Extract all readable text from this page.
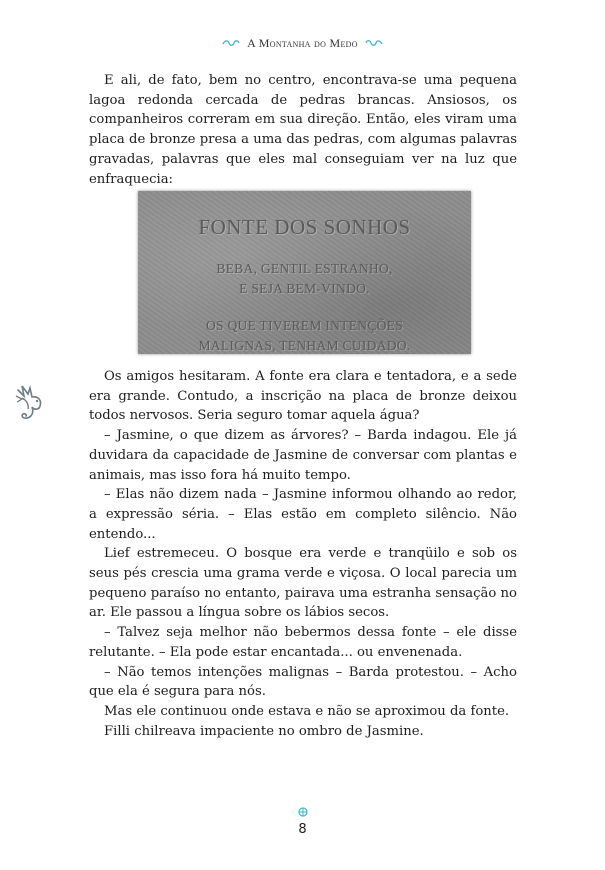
A Montanha do Medo

E ali, de fato, bem no centro, encontrava-se uma pequena lagoa redonda cercada de pedras brancas. Ansiosos, os companheiros correram em sua direção. Então, eles viram uma placa de bronze presa a uma das pedras, com algumas palavras gravadas, palavras que eles mal conseguiam ver na luz que enfraquecia:

FONTE DOS SONHOS
BEBA, GENTIL ESTRANHO,
E SEJA BEM-VINDO.
OS QUE TIVEREM INTENÇÕES
MALIGNAS, TENHAM CUIDADO.

Os amigos hesitaram. A fonte era clara e tentadora, e a sede era grande. Contudo, a inscrição na placa de bronze deixou todos nervosos. Seria seguro tomar aquela água?

– Jasmine, o que dizem as árvores? – Barda indagou. Ele já duvidara da capacidade de Jasmine de conversar com plantas e animais, mas isso fora há muito tempo.

– Elas não dizem nada – Jasmine informou olhando ao redor, a expressão séria. – Elas estão em completo silêncio. Não entendo...

Lief estremeceu. O bosque era verde e tranqüilo e sob os seus pés crescia uma grama verde e viçosa. O local parecia um pequeno paraíso no entanto, pairava uma estranha sensação no ar. Ele passou a língua sobre os lábios secos.

– Talvez seja melhor não bebermos dessa fonte – ele disse relutante. – Ela pode estar encantada... ou envenenada.

– Não temos intenções malignas – Barda protestou. – Acho que ela é segura para nós.

Mas ele continuou onde estava e não se aproximou da fonte.

Filli chilreava impaciente no ombro de Jasmine.

8
